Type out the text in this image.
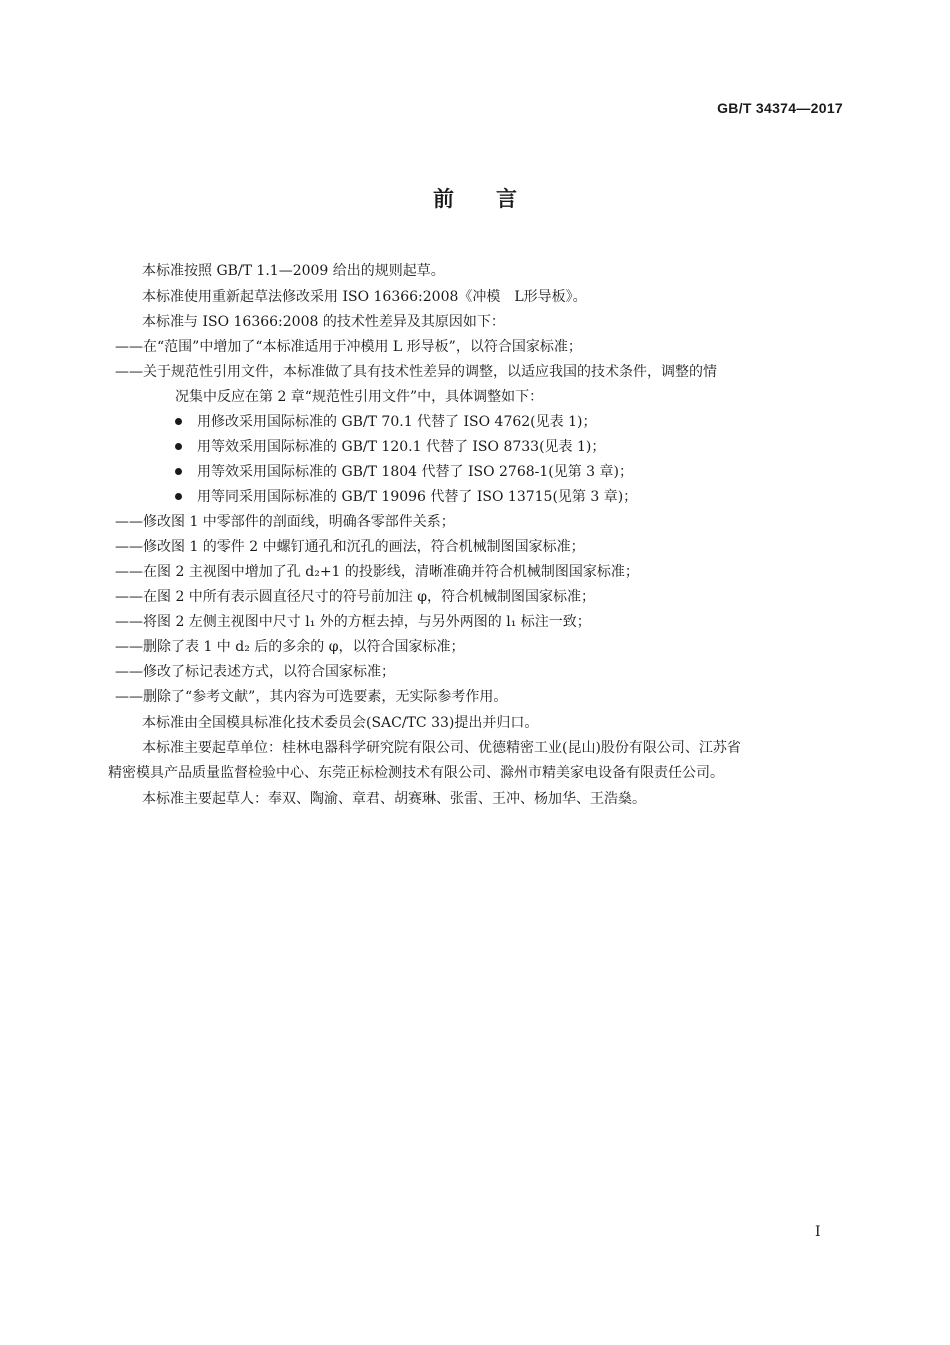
GB/T 34374—2017
前言
本标准按照 GB/T 1.1—2009 给出的规则起草。
本标准使用重新起草法修改采用 ISO 16366:2008《冲模　L形导板》。
本标准与 ISO 16366:2008 的技术性差异及其原因如下：
——在“范围”中增加了“本标准适用于冲模用 L 形导板”，以符合国家标准；
——关于规范性引用文件，本标准做了具有技术性差异的调整，以适应我国的技术条件，调整的情
况集中反应在第 2 章“规范性引用文件”中，具体调整如下：
用修改采用国际标准的 GB/T 70.1 代替了 ISO 4762(见表 1)；
用等效采用国际标准的 GB/T 120.1 代替了 ISO 8733(见表 1)；
用等效采用国际标准的 GB/T 1804 代替了 ISO 2768-1(见第 3 章)；
用等同采用国际标准的 GB/T 19096 代替了 ISO 13715(见第 3 章)；
——修改图 1 中零部件的剖面线，明确各零部件关系；
——修改图 1 的零件 2 中螺钉通孔和沉孔的画法，符合机械制图国家标准；
——在图 2 主视图中增加了孔 d₂+1 的投影线，清晰准确并符合机械制图国家标准；
——在图 2 中所有表示圆直径尺寸的符号前加注 φ，符合机械制图国家标准；
——将图 2 左侧主视图中尺寸 l₁ 外的方框去掉，与另外两图的 l₁ 标注一致；
——删除了表 1 中 d₂ 后的多余的 φ，以符合国家标准；
——修改了标记表述方式，以符合国家标准；
——删除了“参考文献”，其内容为可选要素，无实际参考作用。
本标准由全国模具标准化技术委员会(SAC/TC 33)提出并归口。
本标准主要起草单位：桂林电器科学研究院有限公司、优德精密工业(昆山)股份有限公司、江苏省
精密模具产品质量监督检验中心、东莞正标检测技术有限公司、滁州市精美家电设备有限责任公司。
本标准主要起草人：奉双、陶渝、章君、胡赛琳、张雷、王冲、杨加华、王浩燊。
I
